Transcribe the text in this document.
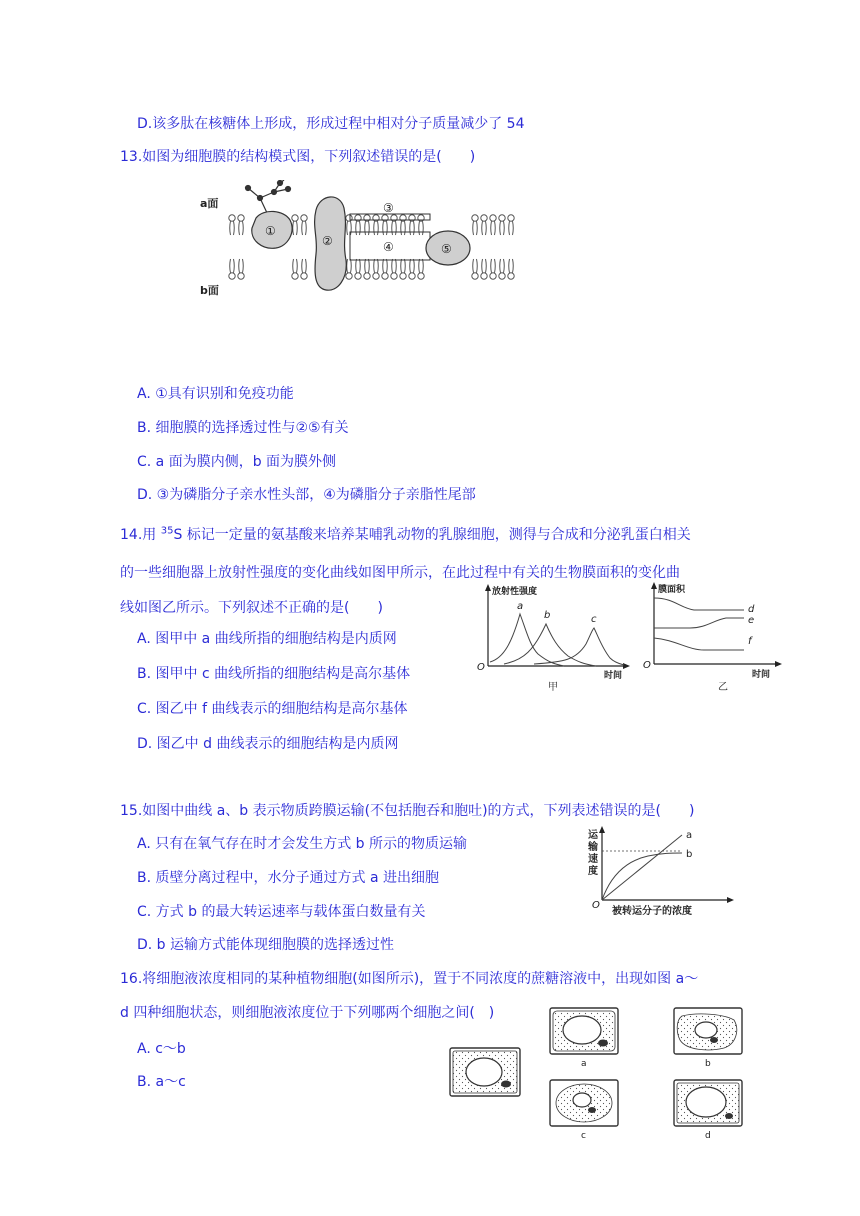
D.该多肽在核糖体上形成，形成过程中相对分子质量减少了 54
13.如图为细胞膜的结构模式图，下列叙述错误的是(　　)
a面
b面
①
②
③
④	⑤
A. ①具有识别和免疫功能
B. 细胞膜的选择透过性与②⑤有关
C. a 面为膜内侧，b 面为膜外侧
D. ③为磷脂分子亲水性头部，④为磷脂分子亲脂性尾部
14.用 $^{35}$S 标记一定量的氨基酸来培养某哺乳动物的乳腺细胞，测得与合成和分泌乳蛋白相关
的一些细胞器上放射性强度的变化曲线如图甲所示，在此过程中有关的生物膜面积的变化曲
线如图乙所示。下列叙述不正确的是(　　)
A. 图甲中 a 曲线所指的细胞结构是内质网
B. 图甲中 c 曲线所指的细胞结构是高尔基体
C. 图乙中 f 曲线表示的细胞结构是高尔基体
D. 图乙中 d 曲线表示的细胞结构是内质网
放射性强度
时间
O
a
b	c
甲
膜面积
时间
O
d
e
f
乙
15.如图中曲线 a、b 表示物质跨膜运输(不包括胞吞和胞吐)的方式，下列表述错误的是(　　)
A. 只有在氧气存在时才会发生方式 b 所示的物质运输
B. 质壁分离过程中，水分子通过方式 a 进出细胞
C. 方式 b 的最大转运速率与载体蛋白数量有关
D. b 运输方式能体现细胞膜的选择透过性
运
输
速
度
被转运分子的浓度
O
a
b
16.将细胞液浓度相同的某种植物细胞(如图所示)，置于不同浓度的蔗糖溶液中，出现如图 a～
d 四种细胞状态，则细胞液浓度位于下列哪两个细胞之间(　)
A. c～b
B. a～c
a	b
c	d
